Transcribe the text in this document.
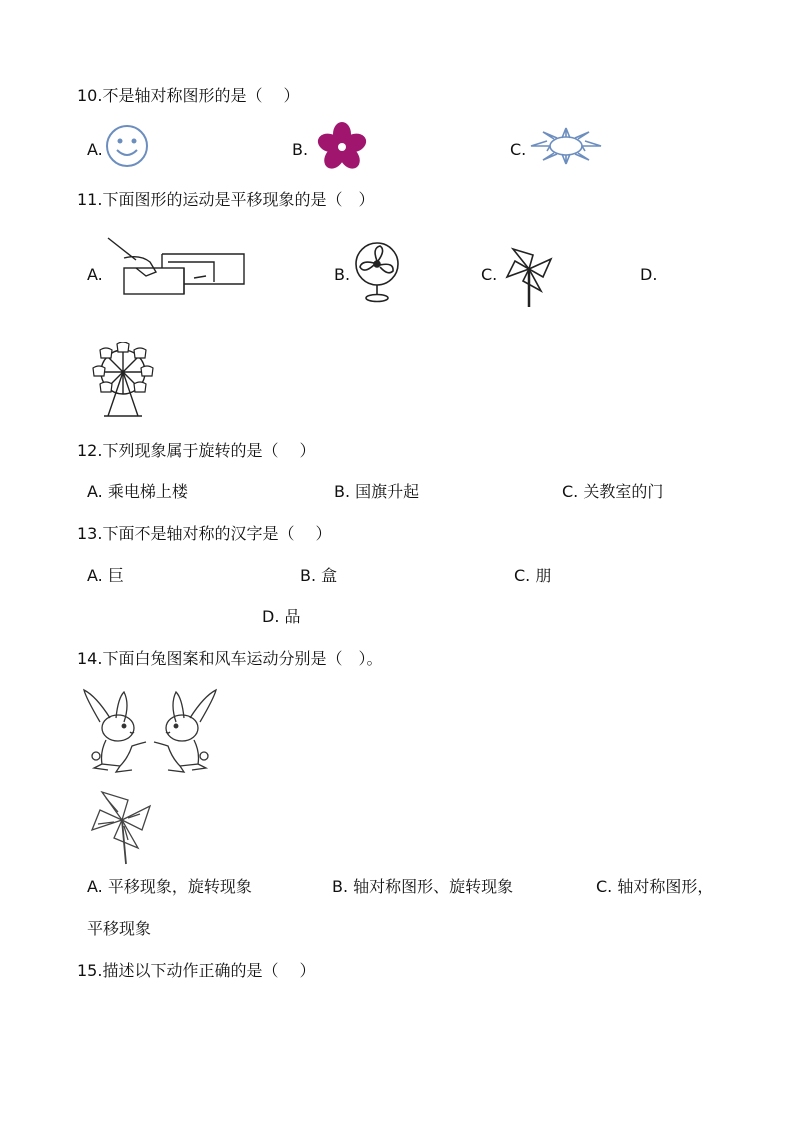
10.不是轴对称图形的是（　 ）
A.	B.	C.
11.下面图形的运动是平移现象的是（　）
A.	B.	C.	D.
12.下列现象属于旋转的是（　 ）
A. 乘电梯上楼	B. 国旗升起	C. 关教室的门
13.下面不是轴对称的汉字是（　 ）
A. 巨	B. 盒	C. 朋
D. 品
14.下面白兔图案和风车运动分别是（　）。
A. 平移现象，旋转现象	B. 轴对称图形、旋转现象	C. 轴对称图形，
平移现象
15.描述以下动作正确的是（　 ）
